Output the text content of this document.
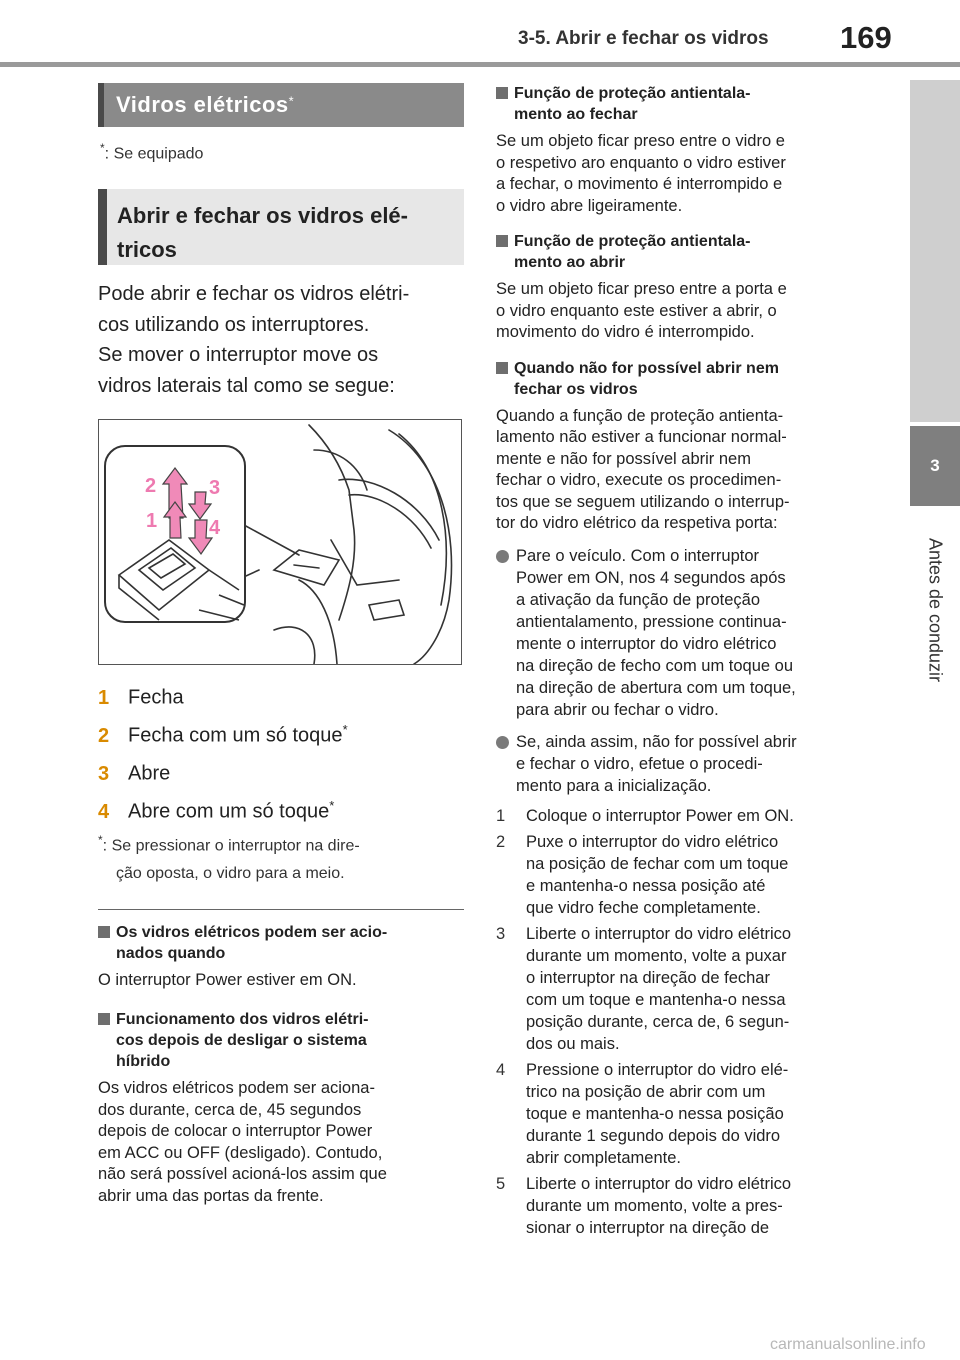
3-5. Abrir e fechar os vidros 169
3
Antes de conduzir
Vidros elétricos*
*: Se equipado
Abrir e fechar os vidros elé-
tricos
Pode abrir e fechar os vidros elétri-
cos utilizando os interruptores.
Se mover o interruptor move os
vidros laterais tal como se segue:
1
2	3
4
1 Fecha
2 Fecha com um só toque*
3 Abre
4 Abre com um só toque*
*: Se pressionar o interruptor na dire-
ção oposta, o vidro para a meio.
Os vidros elétricos podem ser acio-
nados quando
O interruptor Power estiver em ON.
Funcionamento dos vidros elétri-
cos depois de desligar o sistema
híbrido
Os vidros elétricos podem ser aciona-
dos durante, cerca de, 45 segundos
depois de colocar o interruptor Power
em ACC ou OFF (desligado). Contudo,
não será possível acioná-los assim que
abrir uma das portas da frente.
Função de proteção antientala-
mento ao fechar
Se um objeto ficar preso entre o vidro e
o respetivo aro enquanto o vidro estiver
a fechar, o movimento é interrompido e
o vidro abre ligeiramente.
Função de proteção antientala-
mento ao abrir
Se um objeto ficar preso entre a porta e
o vidro enquanto este estiver a abrir, o
movimento do vidro é interrompido.
Quando não for possível abrir nem
fechar os vidros
Quando a função de proteção antienta-
lamento não estiver a funcionar normal-
mente e não for possível abrir nem
fechar o vidro, execute os procedimen-
tos que se seguem utilizando o interrup-
tor do vidro elétrico da respetiva porta:
Pare o veículo. Com o interruptor
Power em ON, nos 4 segundos após
a ativação da função de proteção
antientalamento, pressione continua-
mente o interruptor do vidro elétrico
na direção de fecho com um toque ou
na direção de abertura com um toque,
para abrir ou fechar o vidro.
Se, ainda assim, não for possível abrir
e fechar o vidro, efetue o procedi-
mento para a inicialização.
1 Coloque o interruptor Power em ON.
2 Puxe o interruptor do vidro elétrico
na posição de fechar com um toque
e mantenha-o nessa posição até
que vidro feche completamente.
3 Liberte o interruptor do vidro elétrico
durante um momento, volte a puxar
o interruptor na direção de fechar
com um toque e mantenha-o nessa
posição durante, cerca de, 6 segun-
dos ou mais.
4 Pressione o interruptor do vidro elé-
trico na posição de abrir com um
toque e mantenha-o nessa posição
durante 1 segundo depois do vidro
abrir completamente.
5 Liberte o interruptor do vidro elétrico
durante um momento, volte a pres-
sionar o interruptor na direção de
carmanualsonline.info
